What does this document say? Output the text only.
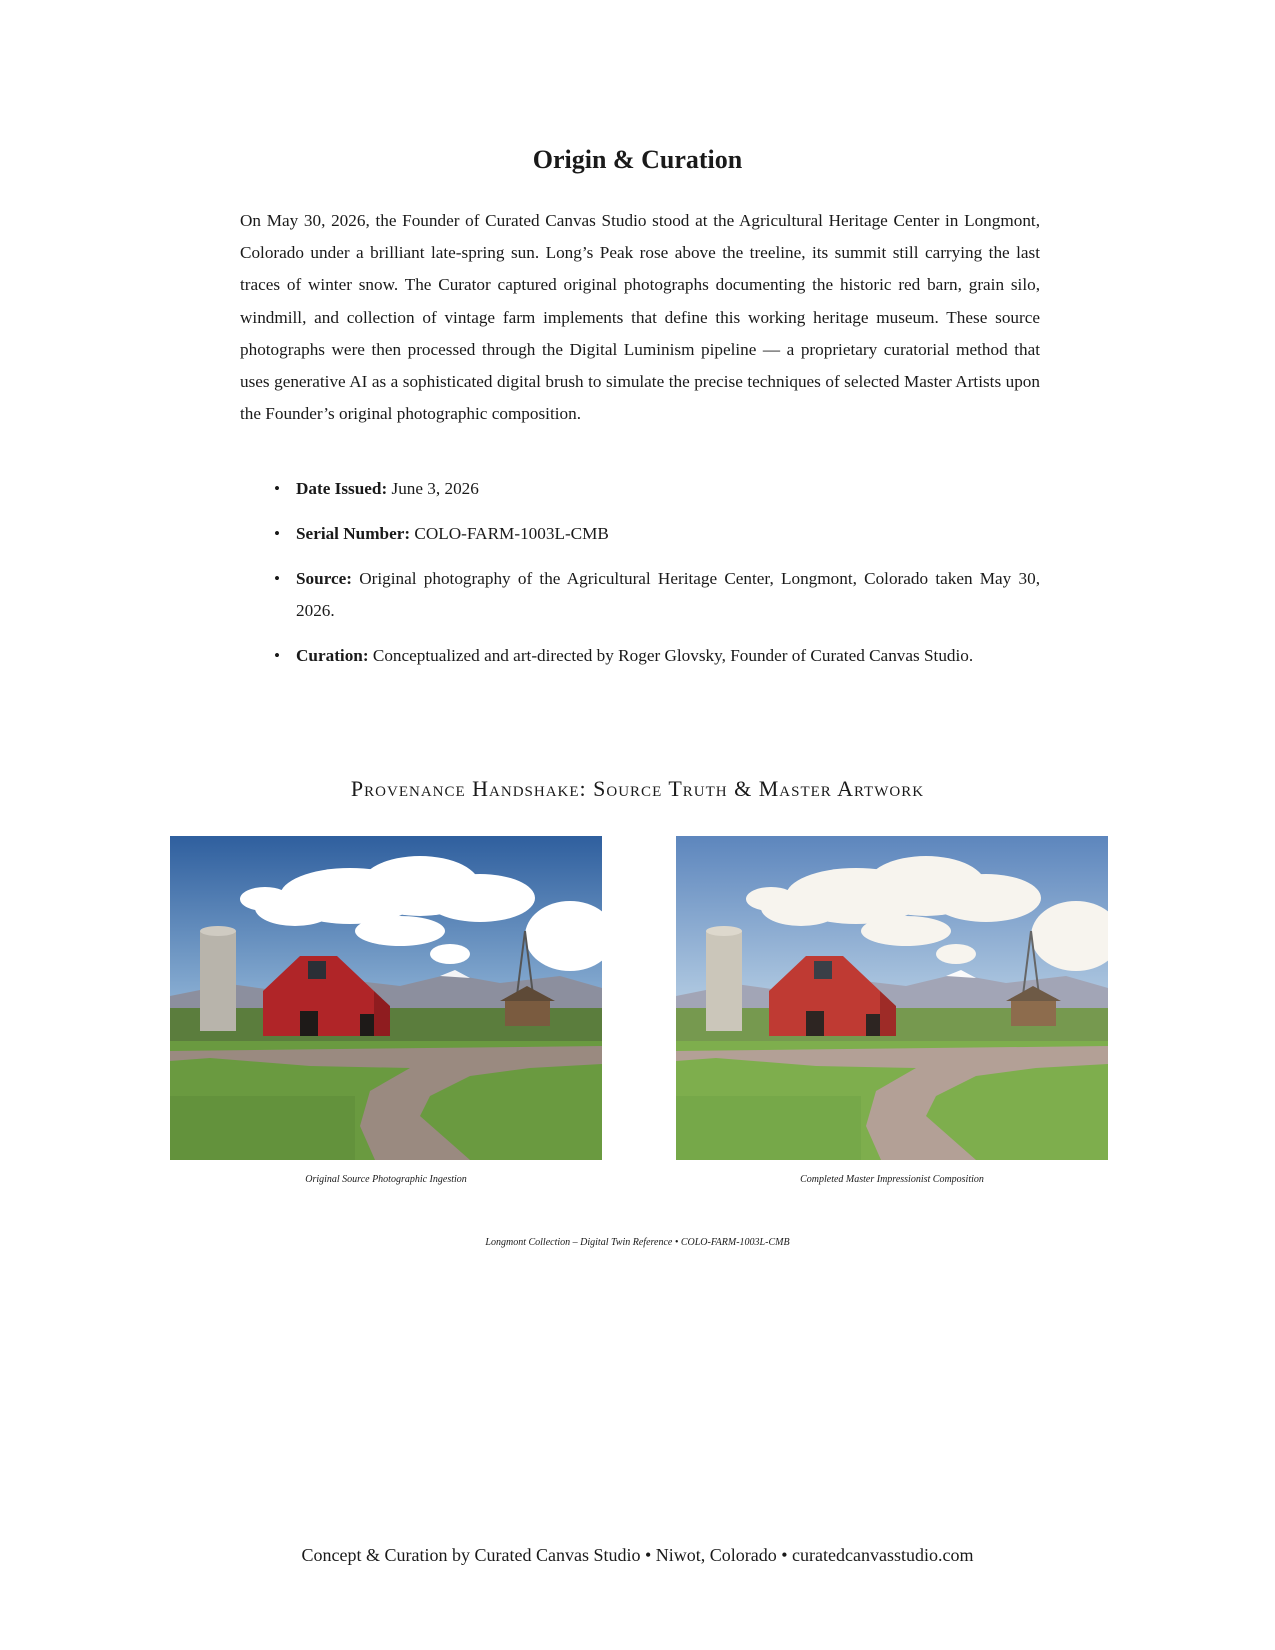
Origin & Curation

On May 30, 2026, the Founder of Curated Canvas Studio stood at the Agricultural Heritage Center in Longmont, Colorado under a brilliant late-spring sun. Long’s Peak rose above the treeline, its summit still carrying the last traces of winter snow. The Curator captured original photographs documenting the historic red barn, grain silo, windmill, and collection of vintage farm implements that define this working heritage museum. These source photographs were then processed through the Digital Luminism pipeline — a proprietary curatorial method that uses generative AI as a sophisticated digital brush to simulate the precise techniques of selected Master Artists upon the Founder’s original photographic composition.

• Date Issued: June 3, 2026
• Serial Number: COLO-FARM-1003L-CMB
• Source: Original photography of the Agricultural Heritage Center, Longmont, Colorado taken May 30, 2026.
• Curation: Conceptualized and art-directed by Roger Glovsky, Founder of Curated Canvas Studio.
Provenance Handshake: Source Truth & Master Artwork

Original Source Photographic Ingestion	Completed Master Impressionist Composition

Longmont Collection – Digital Twin Reference • COLO-FARM-1003L-CMB

Concept & Curation by Curated Canvas Studio • Niwot, Colorado • curatedcanvasstudio.com
